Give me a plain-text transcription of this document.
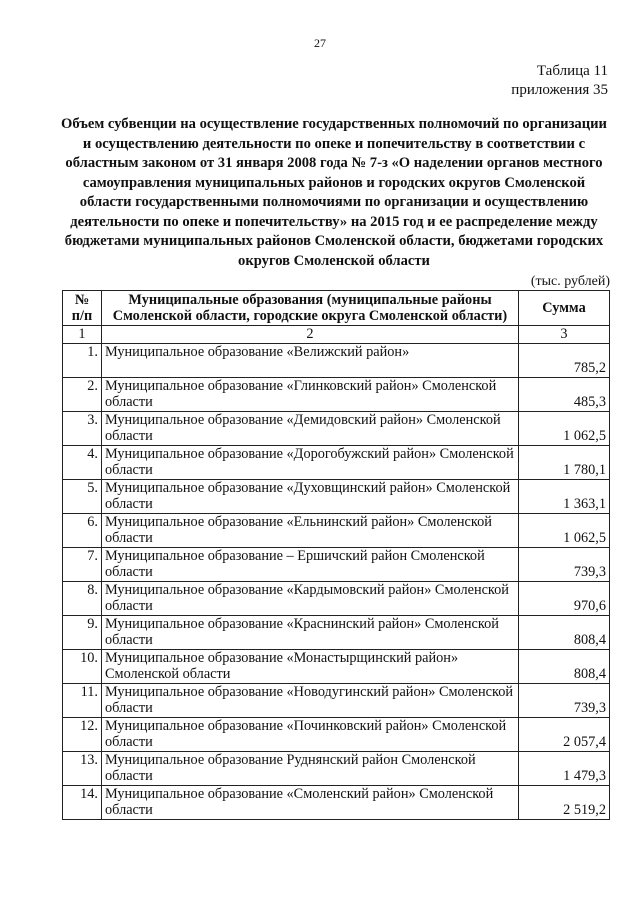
27
Таблица 11
приложения 35
Объем субвенции на осуществление государственных полномочий по организации и осуществлению деятельности по опеке и попечительству в соответствии с областным законом от 31 января 2008 года № 7-з «О наделении органов местного самоуправления муниципальных районов и городских округов Смоленской области государственными полномочиями по организации и осуществлению деятельности по опеке и попечительству» на 2015 год и ее распределение между бюджетами муниципальных районов Смоленской области, бюджетами городских округов Смоленской области
(тыс. рублей)
№
п/п	Муниципальные образования (муниципальные районы Смоленской области, городские округа Смоленской области)	Сумма
1	2	3
1.	Муниципальное образование «Велижский район»	785,2
2.	Муниципальное образование «Глинковский район» Смоленской области	485,3
3.	Муниципальное образование «Демидовский район» Смоленской области	1 062,5
4.	Муниципальное образование «Дорогобужский район» Смоленской области	1 780,1
5.	Муниципальное образование «Духовщинский район» Смоленской области	1 363,1
6.	Муниципальное образование «Ельнинский район» Смоленской области	1 062,5
7.	Муниципальное образование – Ершичский район Смоленской области	739,3
8.	Муниципальное образование «Кардымовский район» Смоленской области	970,6
9.	Муниципальное образование «Краснинский район» Смоленской области	808,4
10.	Муниципальное образование «Монастырщинский район» Смоленской области	808,4
11.	Муниципальное образование «Новодугинский район» Смоленской области	739,3
12.	Муниципальное образование «Починковский район» Смоленской области	2 057,4
13.	Муниципальное образование Руднянский район Смоленской области	1 479,3
14.	Муниципальное образование «Смоленский район» Смоленской области	2 519,2
